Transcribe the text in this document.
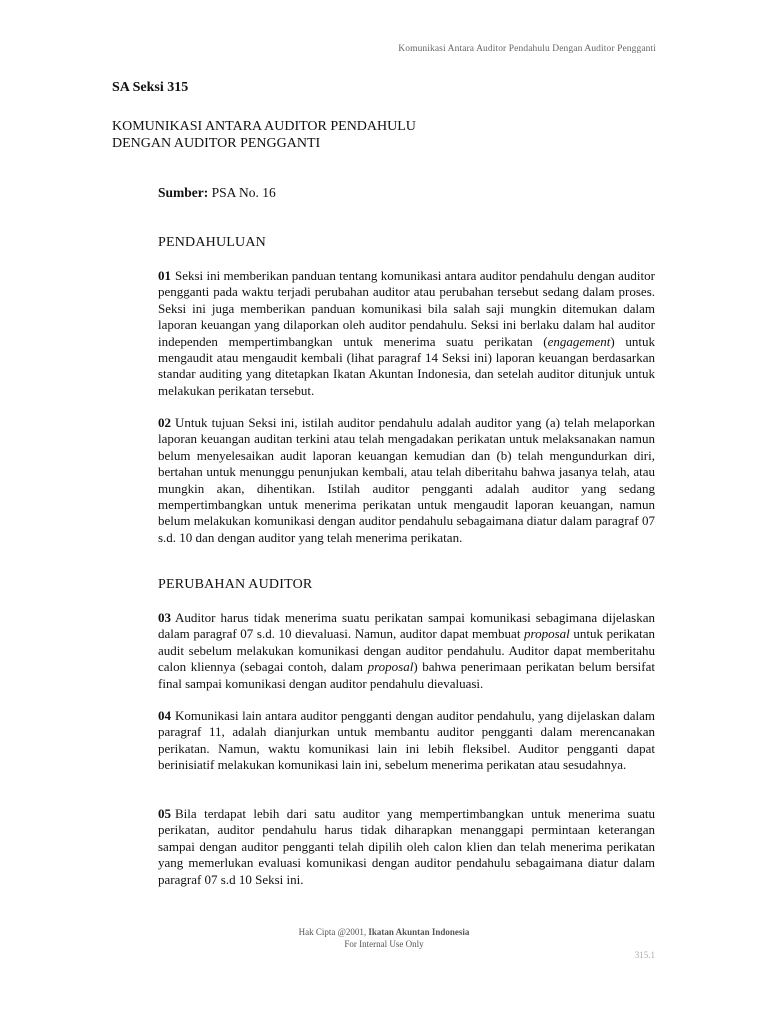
Komunikasi Antara Auditor Pendahulu Dengan Auditor Pengganti
SA Seksi 315
KOMUNIKASI ANTARA AUDITOR PENDAHULU
DENGAN AUDITOR PENGGANTI
Sumber: PSA No. 16
PENDAHULUAN
01 Seksi ini memberikan panduan tentang komunikasi antara auditor pendahulu dengan auditor pengganti pada waktu terjadi perubahan auditor atau perubahan tersebut sedang dalam proses. Seksi ini juga memberikan panduan komunikasi bila salah saji mungkin ditemukan dalam laporan keuangan yang dilaporkan oleh auditor pendahulu. Seksi ini berlaku dalam hal auditor independen mempertimbangkan untuk menerima suatu perikatan (engagement) untuk mengaudit atau mengaudit kembali (lihat paragraf 14 Seksi ini) laporan keuangan berdasarkan standar auditing yang ditetapkan Ikatan Akuntan Indonesia, dan setelah auditor ditunjuk untuk melakukan perikatan tersebut.
02 Untuk tujuan Seksi ini, istilah auditor pendahulu adalah auditor yang (a) telah melaporkan laporan keuangan auditan terkini atau telah mengadakan perikatan untuk melaksanakan namun belum menyelesaikan audit laporan keuangan kemudian dan (b) telah mengundurkan diri, bertahan untuk menunggu penunjukan kembali, atau telah diberitahu bahwa jasanya telah, atau mungkin akan, dihentikan. Istilah auditor pengganti adalah auditor yang sedang mempertimbangkan untuk menerima perikatan untuk mengaudit laporan keuangan, namun belum melakukan komunikasi dengan auditor pendahulu sebagaimana diatur dalam paragraf 07 s.d. 10 dan dengan auditor yang telah menerima perikatan.
PERUBAHAN AUDITOR
03 Auditor harus tidak menerima suatu perikatan sampai komunikasi sebagimana dijelaskan dalam paragraf 07 s.d. 10 dievaluasi. Namun, auditor dapat membuat proposal untuk perikatan audit sebelum melakukan komunikasi dengan auditor pendahulu. Auditor dapat memberitahu calon kliennya (sebagai contoh, dalam proposal) bahwa penerimaan perikatan belum bersifat final sampai komunikasi dengan auditor pendahulu dievaluasi.
04 Komunikasi lain antara auditor pengganti dengan auditor pendahulu, yang dijelaskan dalam paragraf 11, adalah dianjurkan untuk membantu auditor pengganti dalam merencanakan perikatan. Namun, waktu komunikasi lain ini lebih fleksibel. Auditor pengganti dapat berinisiatif melakukan komunikasi lain ini, sebelum menerima perikatan atau sesudahnya.
05 Bila terdapat lebih dari satu auditor yang mempertimbangkan untuk menerima suatu perikatan, auditor pendahulu harus tidak diharapkan menanggapi permintaan keterangan sampai dengan auditor pengganti telah dipilih oleh calon klien dan telah menerima perikatan yang memerlukan evaluasi komunikasi dengan auditor pendahulu sebagaimana diatur dalam paragraf 07 s.d 10 Seksi ini.
Hak Cipta @2001, Ikatan Akuntan Indonesia
For Internal Use Only
315.1
